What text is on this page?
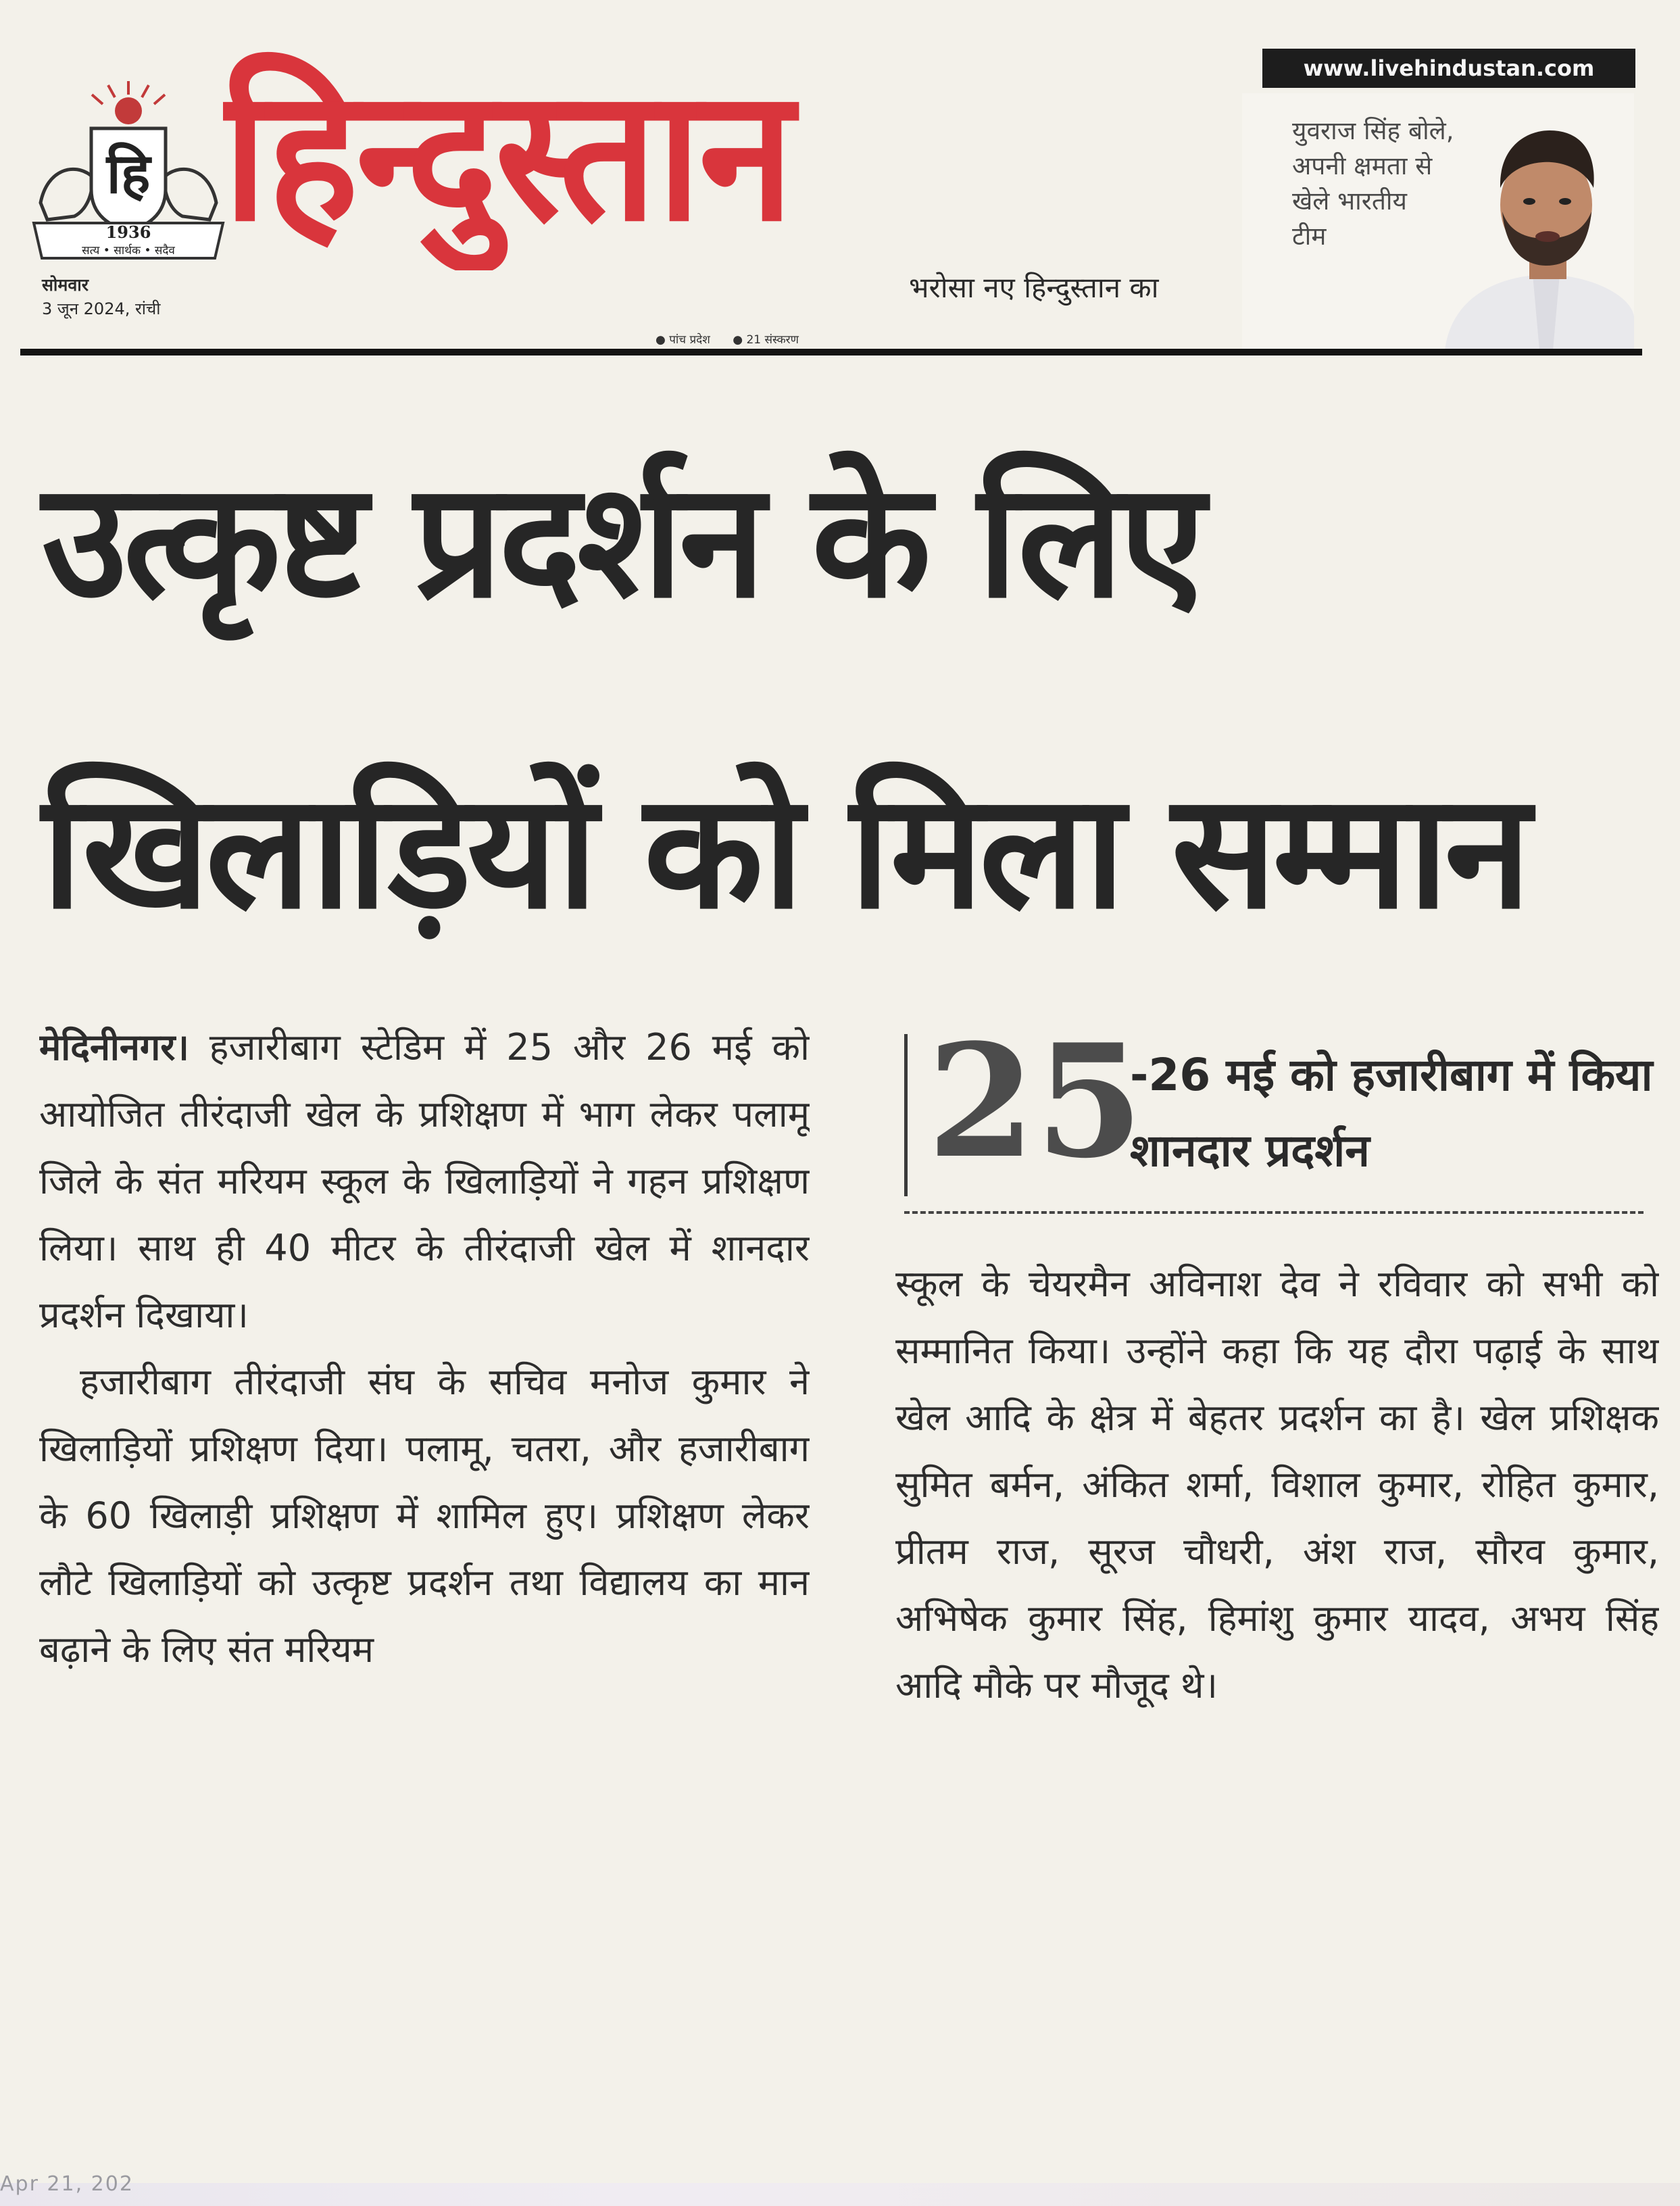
हि
1936
सत्य • सार्थक • सदैव हिन्दुस्तान
सोमवार
3 जून 2024, रांची
भरोसा नए हिन्दुस्तान का
● पांच प्रदेश ● 21 संस्करण
www.livehindustan.com
युवराज सिंह बोले,
अपनी क्षमता से
खेले भारतीय
टीम
उत्कृष्ट प्रदर्शन के लिए
खिलाड़ियों को मिला सम्मान

मेदिनीनगर। हजारीबाग स्टेडिम में 25 और 26 मई को आयोजित तीरंदाजी खेल के प्रशिक्षण में भाग लेकर पलामू जिले के संत मरियम स्कूल के खिलाड़ियों ने गहन प्रशिक्षण लिया। साथ ही 40 मीटर के तीरंदाजी खेल में शानदार प्रदर्शन दिखाया।

हजारीबाग तीरंदाजी संघ के सचिव मनोज कुमार ने खिलाड़ियों प्रशिक्षण दिया। पलामू, चतरा, और हजारीबाग के 60 खिलाड़ी प्रशिक्षण में शामिल हुए। प्रशिक्षण लेकर लौटे खिलाड़ियों को उत्कृष्ट प्रदर्शन तथा विद्यालय का मान बढ़ाने के लिए संत मरियम

25
-26 मई को हजारीबाग में किया शानदार प्रदर्शन

स्कूल के चेयरमैन अविनाश देव ने रविवार को सभी को सम्मानित किया। उन्होंने कहा कि यह दौरा पढ़ाई के साथ खेल आदि के क्षेत्र में बेहतर प्रदर्शन का है। खेल प्रशिक्षक सुमित बर्मन, अंकित शर्मा, विशाल कुमार, रोहित कुमार, प्रीतम राज, सूरज चौधरी, अंश राज, सौरव कुमार, अभिषेक कुमार सिंह, हिमांशु कुमार यादव, अभय सिंह आदि मौके पर मौजूद थे।

Apr 21, 202
